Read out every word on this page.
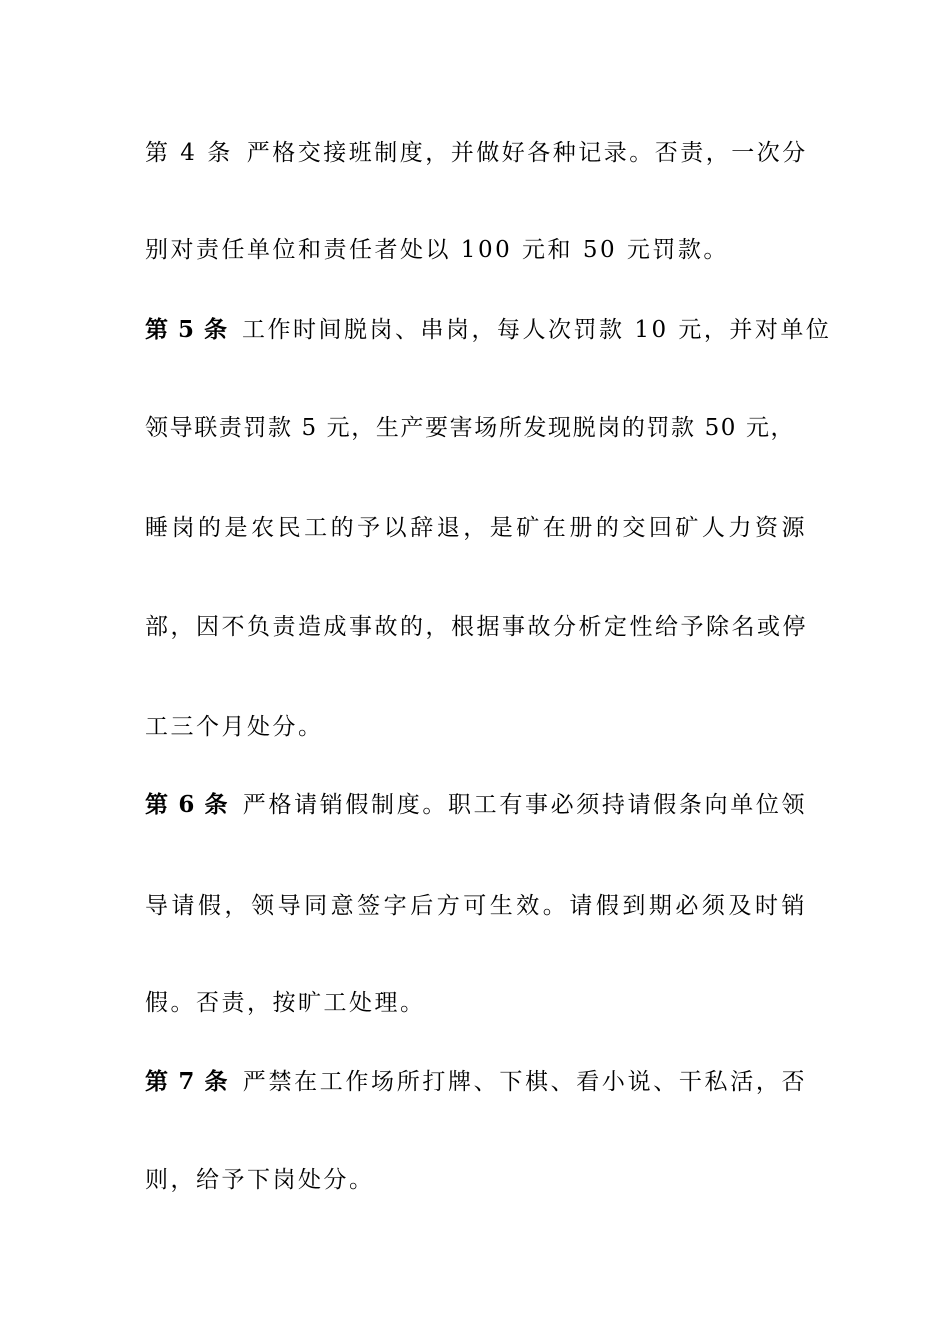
第 4 条 严格交接班制度，并做好各种记录。否责，一次分
别对责任单位和责任者处以 100 元和 50 元罚款。
第 5 条 工作时间脱岗、串岗，每人次罚款 10 元，并对单位
领导联责罚款 5 元，生产要害场所发现脱岗的罚款 50 元，
睡岗的是农民工的予以辞退，是矿在册的交回矿人力资源
部，因不负责造成事故的，根据事故分析定性给予除名或停
工三个月处分。
第 6 条 严格请销假制度。职工有事必须持请假条向单位领
导请假，领导同意签字后方可生效。请假到期必须及时销
假。否责，按旷工处理。
第 7 条 严禁在工作场所打牌、下棋、看小说、干私活，否
则，给予下岗处分。
